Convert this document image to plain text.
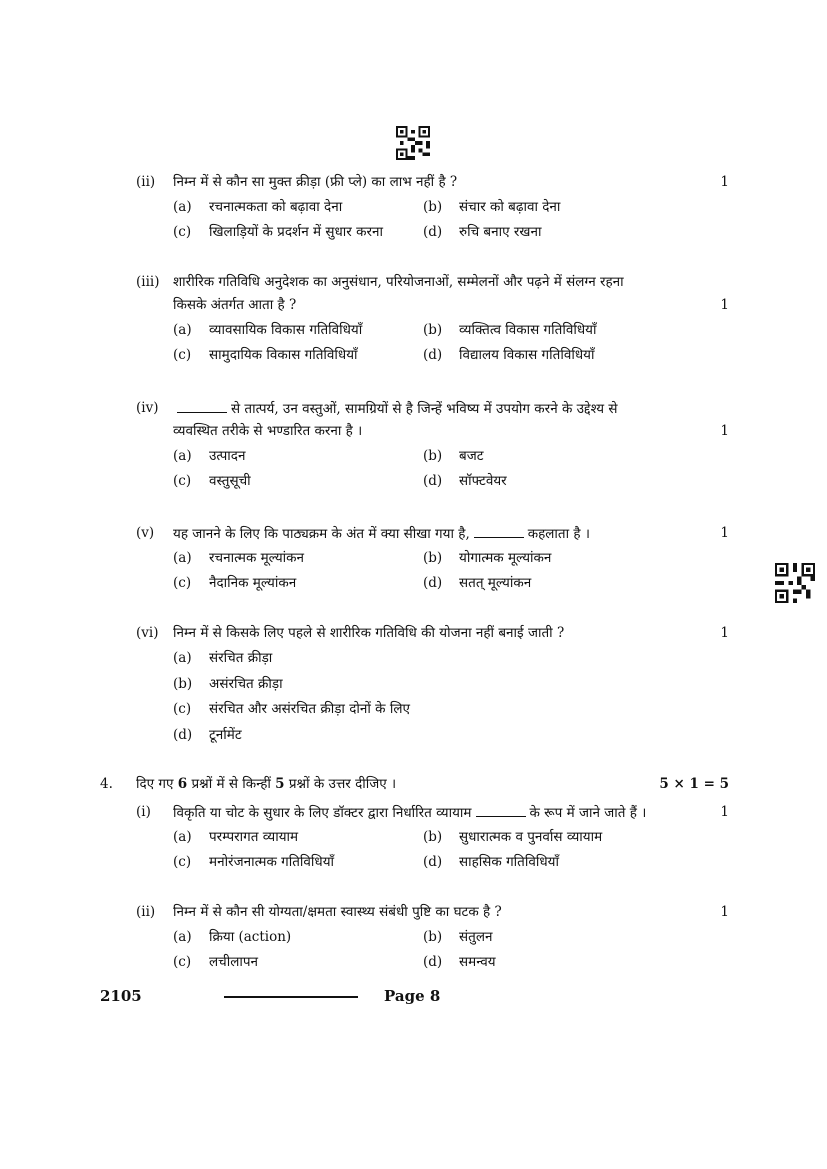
(ii) निम्न में से कौन सा मुक्त क्रीड़ा (फ्री प्ले) का लाभ नहीं है ?	1
(a) रचनात्मकता को बढ़ावा देना	(b) संचार को बढ़ावा देना
(c) खिलाड़ियों के प्रदर्शन में सुधार करना	(d) रुचि बनाए रखना
(iii) शारीरिक गतिविधि अनुदेशक का अनुसंधान, परियोजनाओं, सम्मेलनों और पढ़ने में संलग्न रहना
किसके अंतर्गत आता है ?	1
(a) व्यावसायिक विकास गतिविधियाँ	(b) व्यक्तित्व विकास गतिविधियाँ
(c) सामुदायिक विकास गतिविधियाँ	(d) विद्यालय विकास गतिविधियाँ
(iv)	से तात्पर्य, उन वस्तुओं, सामग्रियों से है जिन्हें भविष्य में उपयोग करने के उद्देश्य से
व्यवस्थित तरीके से भण्डारित करना है ।	1
(a) उत्पादन	(b) बजट
(c) वस्तुसूची	(d) सॉफ्टवेयर
(v) यह जानने के लिए कि पाठ्यक्रम के अंत में क्या सीखा गया है,	कहलाता है ।	1
(a) रचनात्मक मूल्यांकन	(b) योगात्मक मूल्यांकन
(c) नैदानिक मूल्यांकन	(d) सतत् मूल्यांकन
(vi) निम्न में से किसके लिए पहले से शारीरिक गतिविधि की योजना नहीं बनाई जाती ?	1
(a) संरचित क्रीड़ा
(b) असंरचित क्रीड़ा
(c) संरचित और असंरचित क्रीड़ा दोनों के लिए
(d) टूर्नामेंट
4. दिए गए 6 प्रश्नों में से किन्हीं 5 प्रश्नों के उत्तर दीजिए ।	5 × 1 = 5
(i) विकृति या चोट के सुधार के लिए डॉक्टर द्वारा निर्धारित व्यायाम	के रूप में जाने जाते हैं ।	1
(a) परम्परागत व्यायाम	(b) सुधारात्मक व पुनर्वास व्यायाम
(c) मनोरंजनात्मक गतिविधियाँ	(d) साहसिक गतिविधियाँ
(ii) निम्न में से कौन सी योग्यता/क्षमता स्वास्थ्य संबंधी पुष्टि का घटक है ?	1
(a) क्रिया (action)	(b) संतुलन
(c) लचीलापन	(d) समन्वय
2105	Page 8
